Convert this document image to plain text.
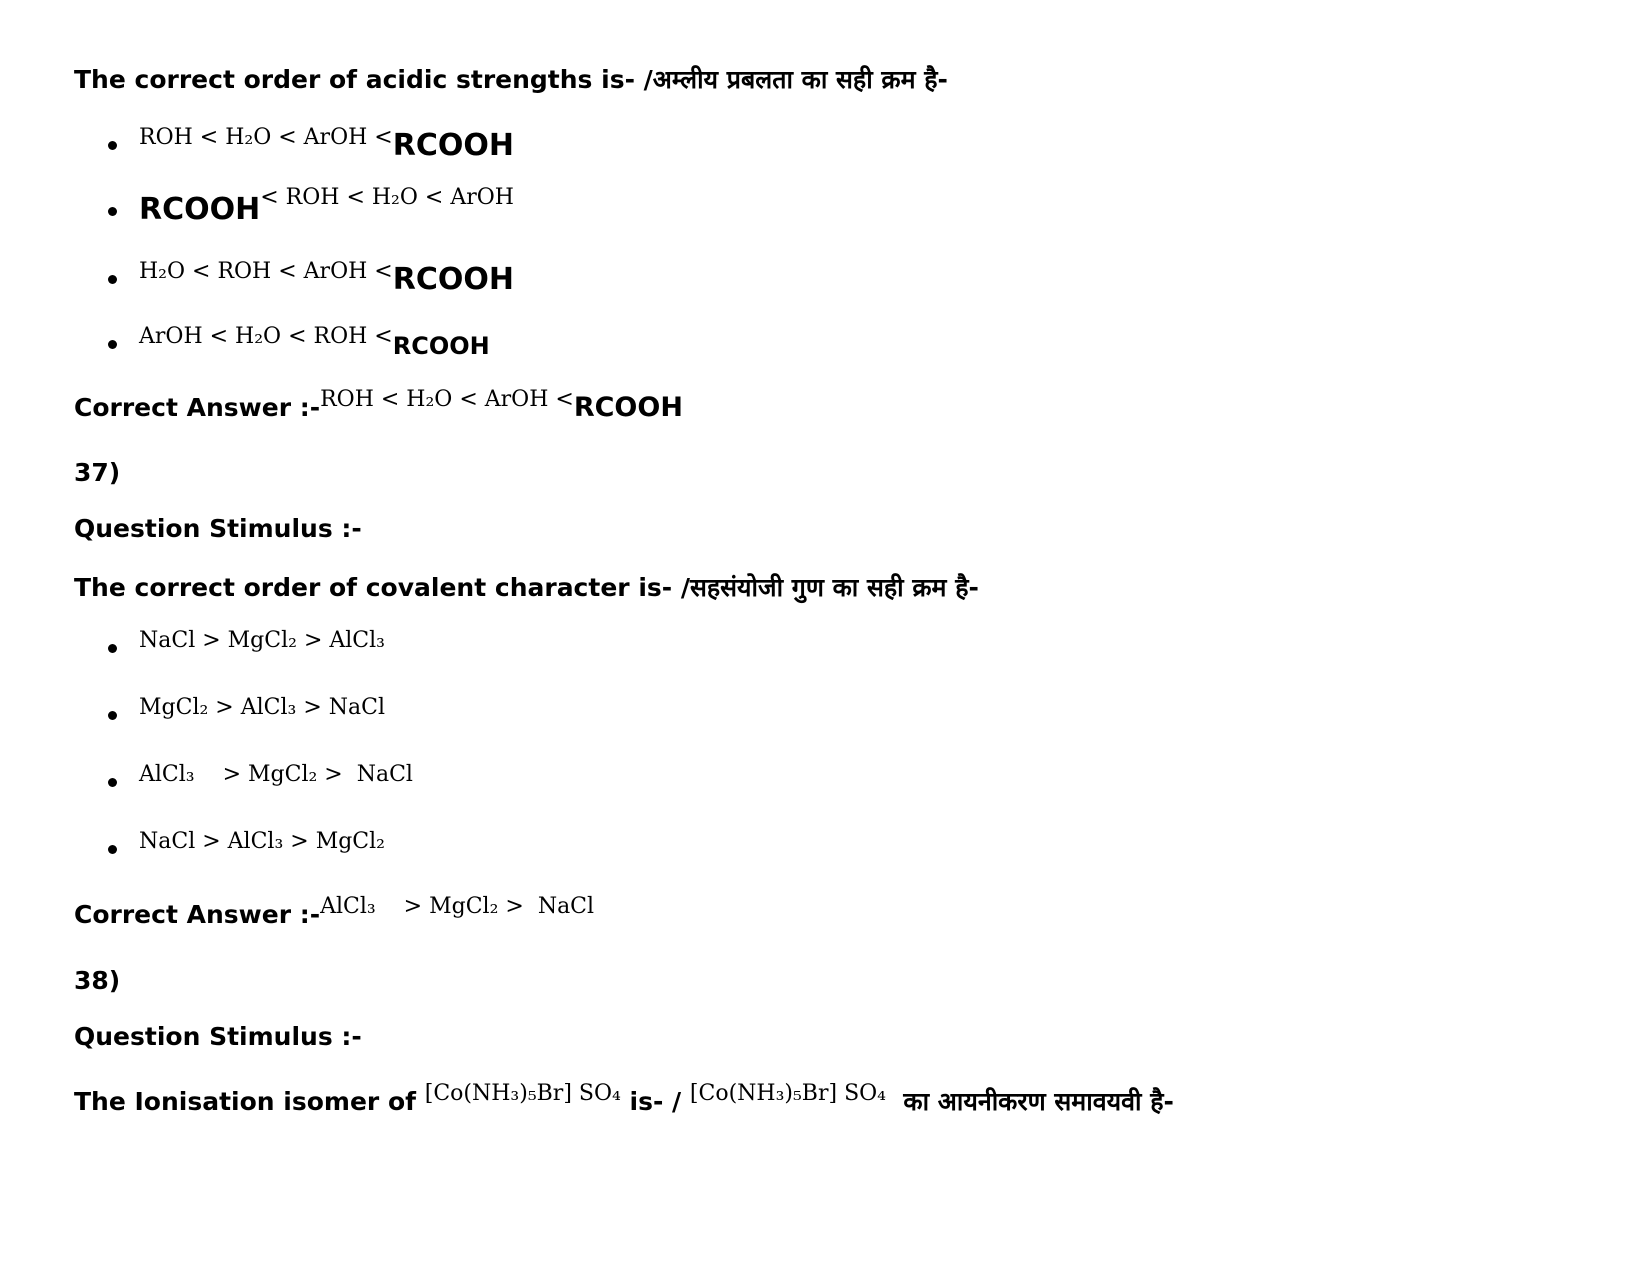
The correct order of acidic strengths is- /अम्लीय प्रबलता का सही क्रम है-
ROH < H₂O < ArOH < RCOOH
RCOOH < ROH < H₂O < ArOH
H₂O < ROH < ArOH < RCOOH
ArOH < H₂O < ROH < RCOOH
Correct Answer :-ROH < H₂O < ArOH <RCOOH
37)
Question Stimulus :-
The correct order of covalent character is- /सहसंयोजी गुण का सही क्रम है-
NaCl > MgCl₂ > AlCl₃
MgCl₂ > AlCl₃ > NaCl
AlCl₃    > MgCl₂ >  NaCl
NaCl > AlCl₃ > MgCl₂
Correct Answer :-AlCl₃    > MgCl₂ >  NaCl
38)
Question Stimulus :-
The Ionisation isomer of [Co(NH₃)₅Br] SO₄ is- / [Co(NH₃)₅Br] SO₄  का आयनीकरण समावयवी है-
